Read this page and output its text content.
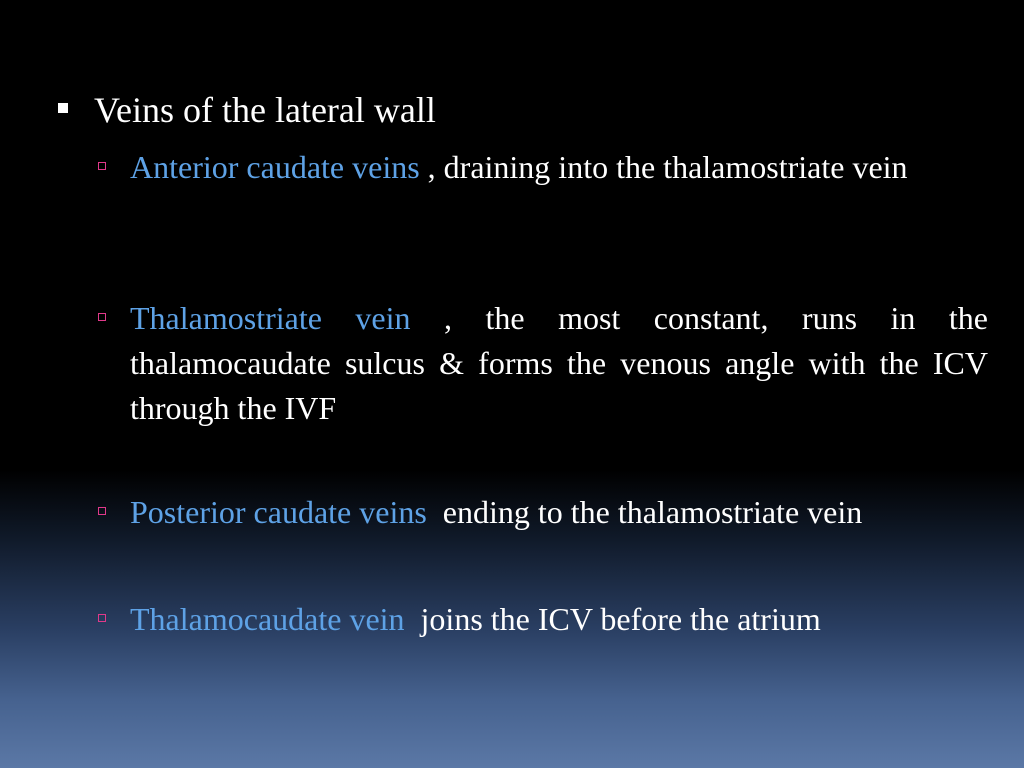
Veins of the lateral wall
Anterior caudate veins , draining into the thalamostriate vein
Thalamostriate vein , the most constant, runs in the thalamocaudate sulcus & forms the venous angle with the ICV through the IVF
Posterior caudate veins  ending to the thalamostriate vein
Thalamocaudate vein  joins the ICV before the atrium
